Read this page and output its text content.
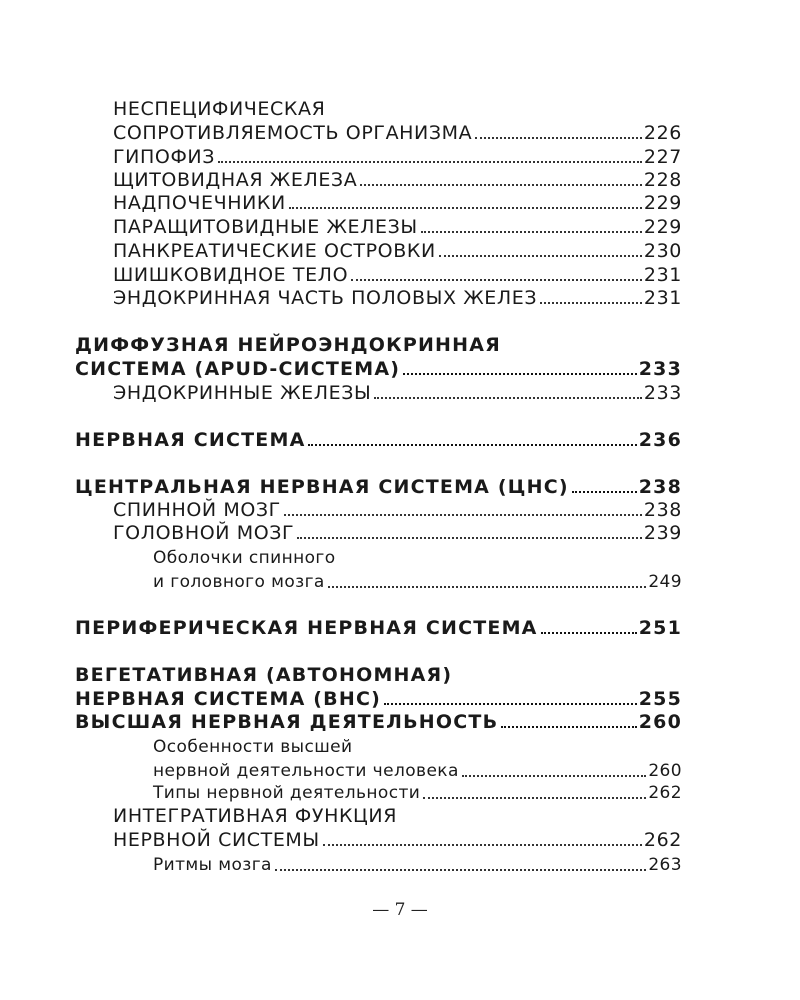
НЕСПЕЦИФИЧЕСКАЯ
СОПРОТИВЛЯЕМОСТЬ ОРГАНИЗМА	226
ГИПОФИЗ	227
ЩИТОВИДНАЯ ЖЕЛЕЗА	228
НАДПОЧЕЧНИКИ	229
ПАРАЩИТОВИДНЫЕ ЖЕЛЕЗЫ	229
ПАНКРЕАТИЧЕСКИЕ ОСТРОВКИ	230
ШИШКОВИДНОЕ ТЕЛО	231
ЭНДОКРИННАЯ ЧАСТЬ ПОЛОВЫХ ЖЕЛЕЗ	231
ДИФФУЗНАЯ НЕЙРОЭНДОКРИННАЯ
СИСТЕМА (APUD-СИСТЕМА)	233
ЭНДОКРИННЫЕ ЖЕЛЕЗЫ	233
НЕРВНАЯ СИСТЕМА	236
ЦЕНТРАЛЬНАЯ НЕРВНАЯ СИСТЕМА (ЦНС)	238
СПИННОЙ МОЗГ	238
ГОЛОВНОЙ МОЗГ	239
Оболочки спинного
и головного мозга	249
ПЕРИФЕРИЧЕСКАЯ НЕРВНАЯ СИСТЕМА	251
ВЕГЕТАТИВНАЯ (АВТОНОМНАЯ)
НЕРВНАЯ СИСТЕМА (ВНС)	255
ВЫСШАЯ НЕРВНАЯ ДЕЯТЕЛЬНОСТЬ	260
Особенности высшей
нервной деятельности человека	260
Типы нервной деятельности	262
ИНТЕГРАТИВНАЯ ФУНКЦИЯ
НЕРВНОЙ СИСТЕМЫ	262
Ритмы мозга	263
— 7 —
